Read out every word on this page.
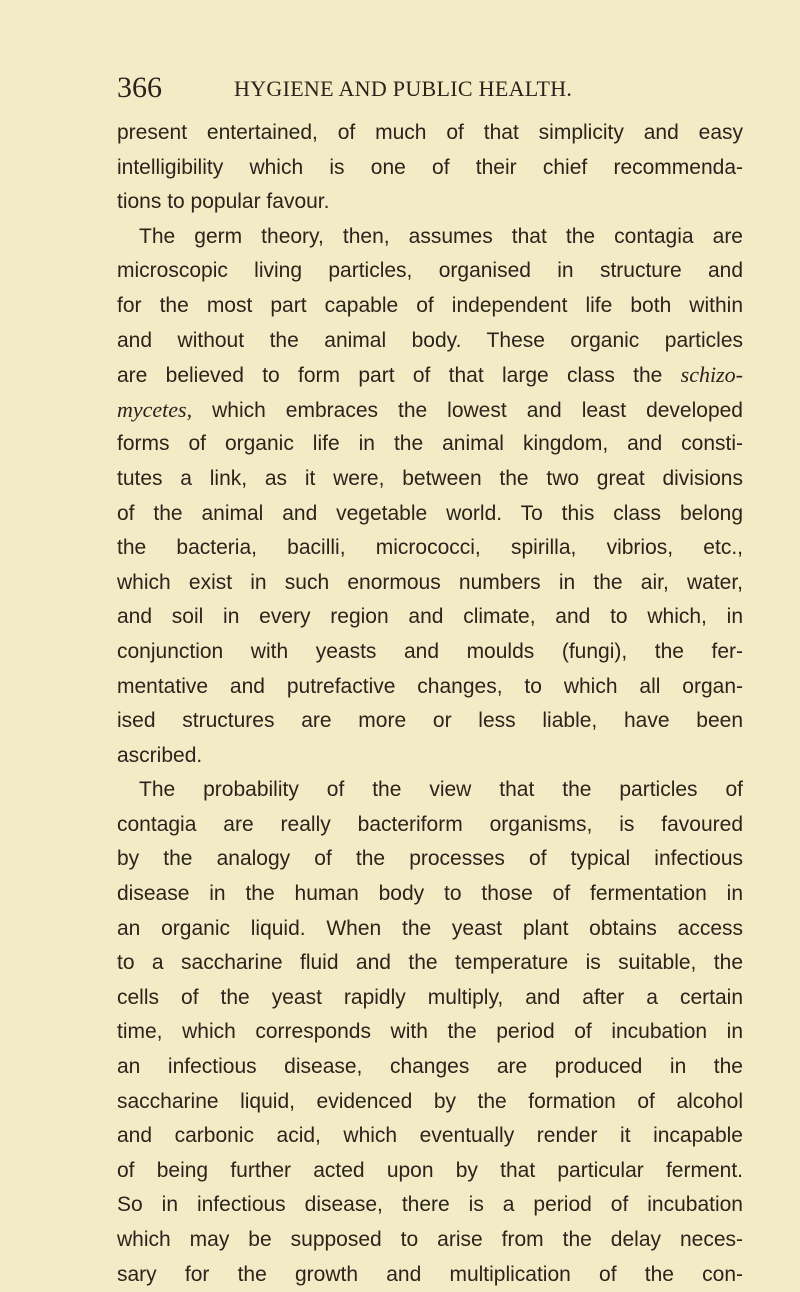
366	HYGIENE AND PUBLIC HEALTH.
present entertained, of much of that simplicity and easy
intelligibility which is one of their chief recommenda-
tions to popular favour.
The germ theory, then, assumes that the contagia are
microscopic living particles, organised in structure and
for the most part capable of independent life both within
and without the animal body. These organic particles
are believed to form part of that large class the schizo-
mycetes, which embraces the lowest and least developed
forms of organic life in the animal kingdom, and consti-
tutes a link, as it were, between the two great divisions
of the animal and vegetable world. To this class belong
the bacteria, bacilli, micrococci, spirilla, vibrios, etc.,
which exist in such enormous numbers in the air, water,
and soil in every region and climate, and to which, in
conjunction with yeasts and moulds (fungi), the fer-
mentative and putrefactive changes, to which all organ-
ised structures are more or less liable, have been
ascribed.
The probability of the view that the particles of
contagia are really bacteriform organisms, is favoured
by the analogy of the processes of typical infectious
disease in the human body to those of fermentation in
an organic liquid. When the yeast plant obtains access
to a saccharine fluid and the temperature is suitable, the
cells of the yeast rapidly multiply, and after a certain
time, which corresponds with the period of incubation in
an infectious disease, changes are produced in the
saccharine liquid, evidenced by the formation of alcohol
and carbonic acid, which eventually render it incapable
of being further acted upon by that particular ferment.
So in infectious disease, there is a period of incubation
which may be supposed to arise from the delay neces-
sary for the growth and multiplication of the con-
